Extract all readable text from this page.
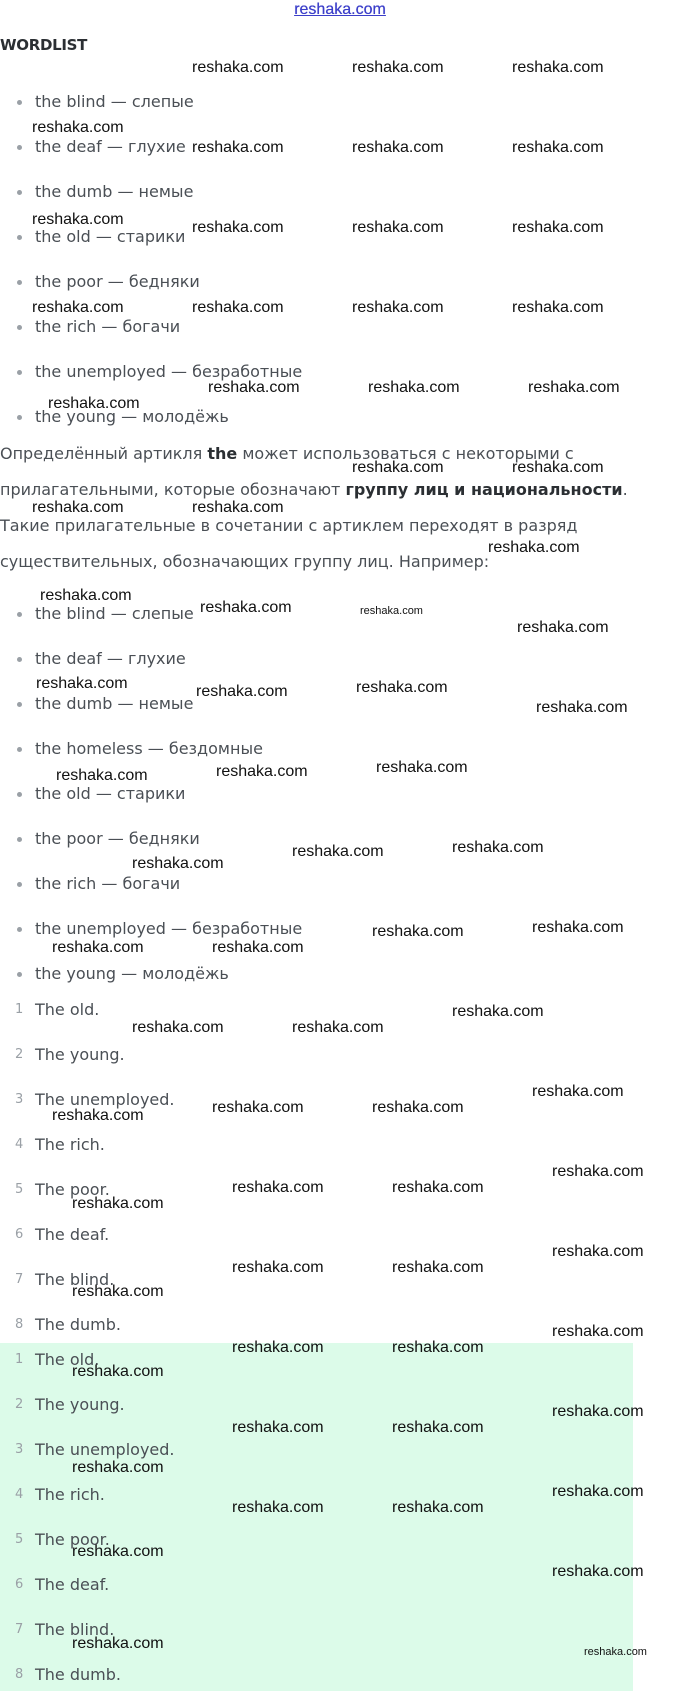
reshaka.com
WORDLIST
the blind — слепые
the deaf — глухие
the dumb — немые
the old — старики
the poor — бедняки
the rich — богачи
the unemployed — безработные
the young — молодёжь

Определённый артикля the может использоваться с некоторыми с прилагательными, которые обозначают группу лиц и национальности. Такие прилагательные в сочетании с артиклем переходят в разряд существительных, обозначающих группу лиц. Например:

the blind — слепые
the deaf — глухие
the dumb — немые
the homeless — бездомные
the old — старики
the poor — бедняки
the rich — богачи
the unemployed — безработные
the young — молодёжь
1 The old.
2 The young.
3 The unemployed.
4 The rich.
5 The poor.
6 The deaf.
7 The blind.
8 The dumb.
1 The old.
2 The young.
3 The unemployed.
4 The rich.
5 The poor.
6 The deaf.
7 The blind.
8 The dumb.
reshaka.com	reshaka.com	reshaka.com
reshaka.com
reshaka.com	reshaka.com	reshaka.com
reshaka.com	reshaka.com	reshaka.com	reshaka.com
reshaka.com	reshaka.com	reshaka.com	reshaka.com
reshaka.com	reshaka.com	reshaka.com
reshaka.com
reshaka.com	reshaka.com
reshaka.com	reshaka.com
reshaka.com
reshaka.com
reshaka.com	reshaka.com
reshaka.com
reshaka.com	reshaka.com	reshaka.com
reshaka.com
reshaka.com	reshaka.com	reshaka.com
reshaka.com
reshaka.com	reshaka.com
reshaka.com	reshaka.com
reshaka.com	reshaka.com
reshaka.com
reshaka.com	reshaka.com
reshaka.com
reshaka.com	reshaka.com
reshaka.com
reshaka.com
reshaka.com	reshaka.com
reshaka.com
reshaka.com
reshaka.com	reshaka.com
reshaka.com
reshaka.com
reshaka.com	reshaka.com
reshaka.com
reshaka.com
reshaka.com	reshaka.com
reshaka.com
reshaka.com
reshaka.com	reshaka.com
reshaka.com
reshaka.com
reshaka.com
reshaka.com
